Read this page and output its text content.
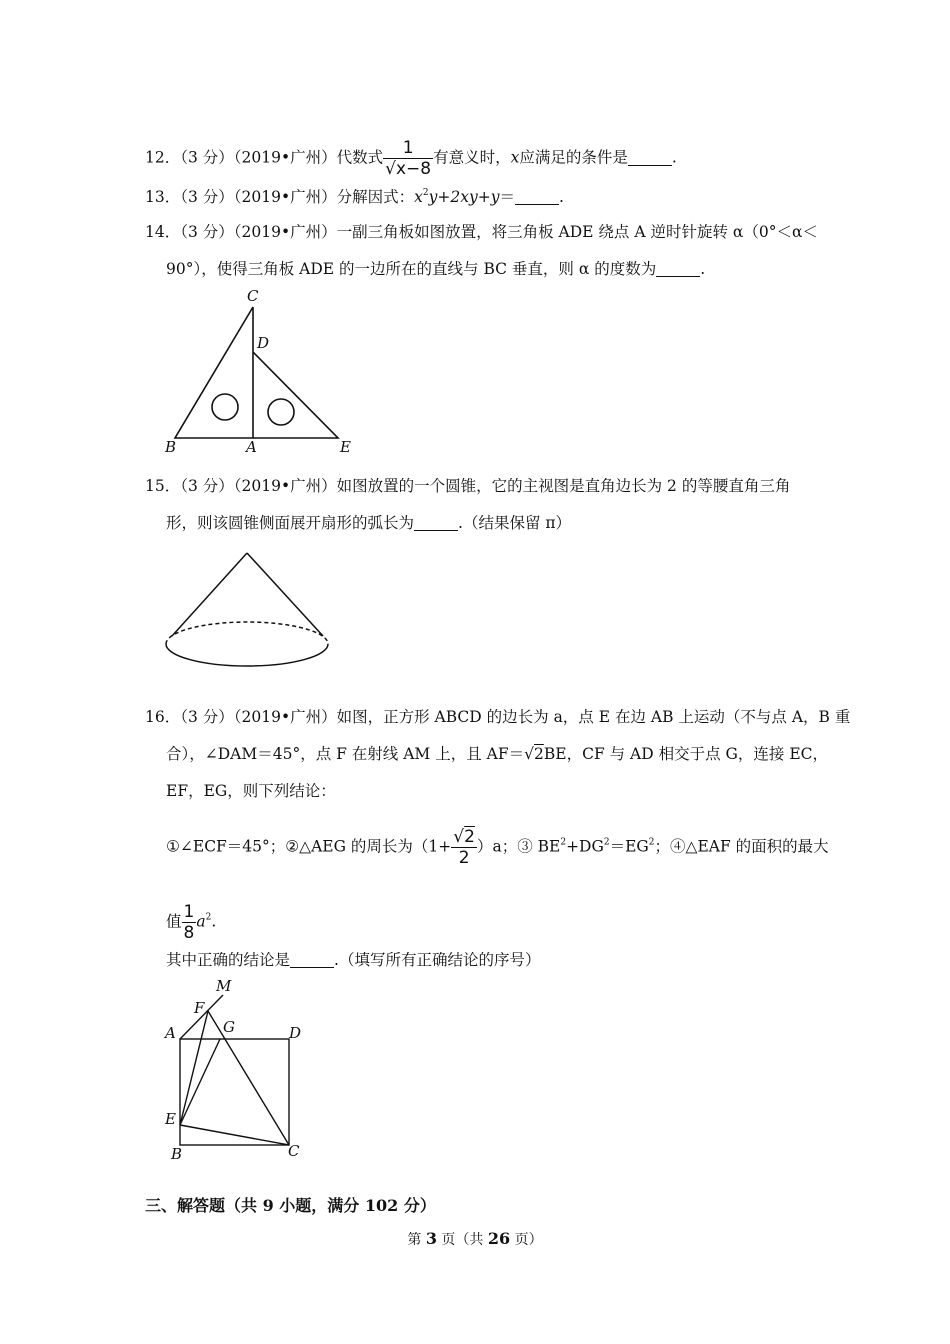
12．（3 分）（2019•广州）代数式 $\frac{1}{√x-8}$ 有意义时，x应满足的条件是	.
13．（3 分）（2019•广州）分解因式：$x^2y+2xy+y=$	.
14．（3 分）（2019•广州）一副三角板如图放置，将三角板 ADE 绕点 A 逆时针旋转 α（0°＜α＜
90°），使得三角板 ADE 的一边所在的直线与 BC 垂直，则 α 的度数为	.
C
D
B	A	E
15．（3 分）（2019•广州）如图放置的一个圆锥，它的主视图是直角边长为 2 的等腰直角三角
形，则该圆锥侧面展开扇形的弧长为	.（结果保留 π）
16．（3 分）（2019•广州）如图，正方形 ABCD 的边长为 a，点 E 在边 AB 上运动（不与点 A，B 重
合），∠DAM＝45°，点 F 在射线 AM 上，且 AF＝√2BE，CF 与 AD 相交于点 G，连接 EC，
EF，EG，则下列结论：
①∠ECF＝45°；②△AEG 的周长为$(1+ \frac{√2}{2} )a$；③ $BE^2+DG^2=EG^2$；④△EAF 的面积的最大
值 $\frac{1}{8} a^2$.
其中正确的结论是	.（填写所有正确结论的序号）
M
F
G
A	D
E
B	C
三、解答题（共 9 小题，满分 102 分）
第 3 页（共 26 页）
